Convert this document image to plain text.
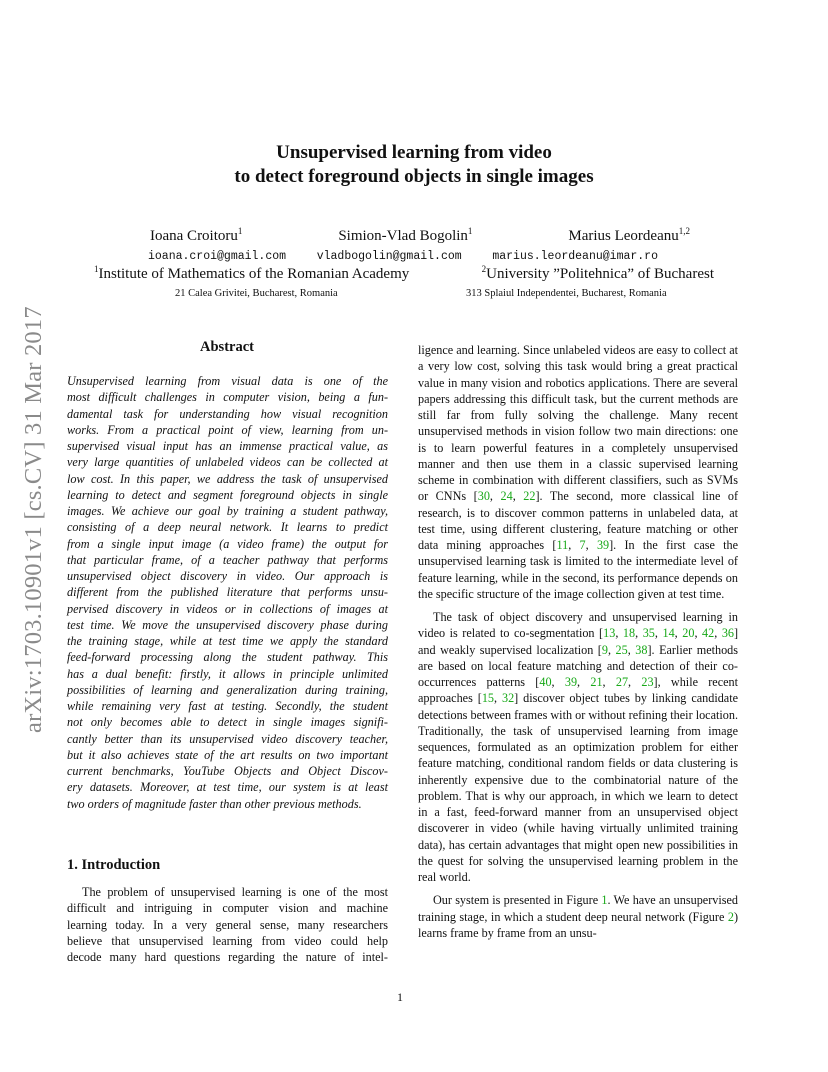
arXiv:1703.10901v1 [cs.CV] 31 Mar 2017
Unsupervised learning from video
to detect foreground objects in single images
Ioana Croitoru$^1$	Simion-Vlad Bogolin$^1$	Marius Leordeanu$^{1,2}$
ioana.croi@gmail.com	vladbogolin@gmail.com	marius.leordeanu@imar.ro
$^1$Institute of Mathematics of the Romanian Academy	$^2$University ”Politehnica” of Bucharest
21 Calea Grivitei, Bucharest, Romania	313 Splaiul Independentei, Bucharest, Romania
Abstract
Unsupervised learning from visual data is one of the
most difficult challenges in computer vision, being a fun-
damental task for understanding how visual recognition
works. From a practical point of view, learning from un-
supervised visual input has an immense practical value, as
very large quantities of unlabeled videos can be collected at
low cost. In this paper, we address the task of unsupervised
learning to detect and segment foreground objects in single
images. We achieve our goal by training a student pathway,
consisting of a deep neural network. It learns to predict
from a single input image (a video frame) the output for
that particular frame, of a teacher pathway that performs
unsupervised object discovery in video. Our approach is
different from the published literature that performs unsu-
pervised discovery in videos or in collections of images at
test time. We move the unsupervised discovery phase during
the training stage, while at test time we apply the standard
feed-forward processing along the student pathway. This
has a dual benefit: firstly, it allows in principle unlimited
possibilities of learning and generalization during training,
while remaining very fast at testing. Secondly, the student
not only becomes able to detect in single images signifi-
cantly better than its unsupervised video discovery teacher,
but it also achieves state of the art results on two important
current benchmarks, YouTube Objects and Object Discov-
ery datasets. Moreover, at test time, our system is at least
two orders of magnitude faster than other previous methods.
1. Introduction
The problem of unsupervised learning is one of the most
difficult and intriguing in computer vision and machine
learning today. In a very general sense, many researchers
believe that unsupervised learning from video could help
decode many hard questions regarding the nature of intel-

ligence and learning. Since unlabeled videos are easy to collect at a very low cost, solving this task would bring a great practical value in many vision and robotics applications. There are several papers addressing this difficult task, but the current methods are still far from fully solving the challenge. Many recent unsupervised methods in vision follow two main directions: one is to learn powerful features in a completely unsupervised manner and then use them in a classic supervised learning scheme in combination with different classifiers, such as SVMs or CNNs [30, 24, 22]. The second, more classical line of research, is to discover common patterns in unlabeled data, at test time, using different clustering, feature matching or other data mining approaches [11, 7, 39]. In the first case the unsupervised learning task is limited to the intermediate level of feature learning, while in the second, its performance depends on the specific structure of the image collection given at test time.

The task of object discovery and unsupervised learning in video is related to co-segmentation [13, 18, 35, 14, 20, 42, 36] and weakly supervised localization [9, 25, 38]. Earlier methods are based on local feature matching and detection of their co-occurrences patterns [40, 39, 21, 27, 23], while recent approaches [15, 32] discover object tubes by linking candidate detections between frames with or without refining their location. Traditionally, the task of unsupervised learning from image sequences, formulated as an optimization problem for either feature matching, conditional random fields or data clustering is inherently expensive due to the combinatorial nature of the problem. That is why our approach, in which we learn to detect in a fast, feed-forward manner from an unsupervised object discoverer in video (while having virtually unlimited training data), has certain advantages that might open new possibilities in the quest for solving the unsupervised learning problem in the real world.

Our system is presented in Figure 1. We have an unsupervised training stage, in which a student deep neural network (Figure 2) learns frame by frame from an unsu-

1
